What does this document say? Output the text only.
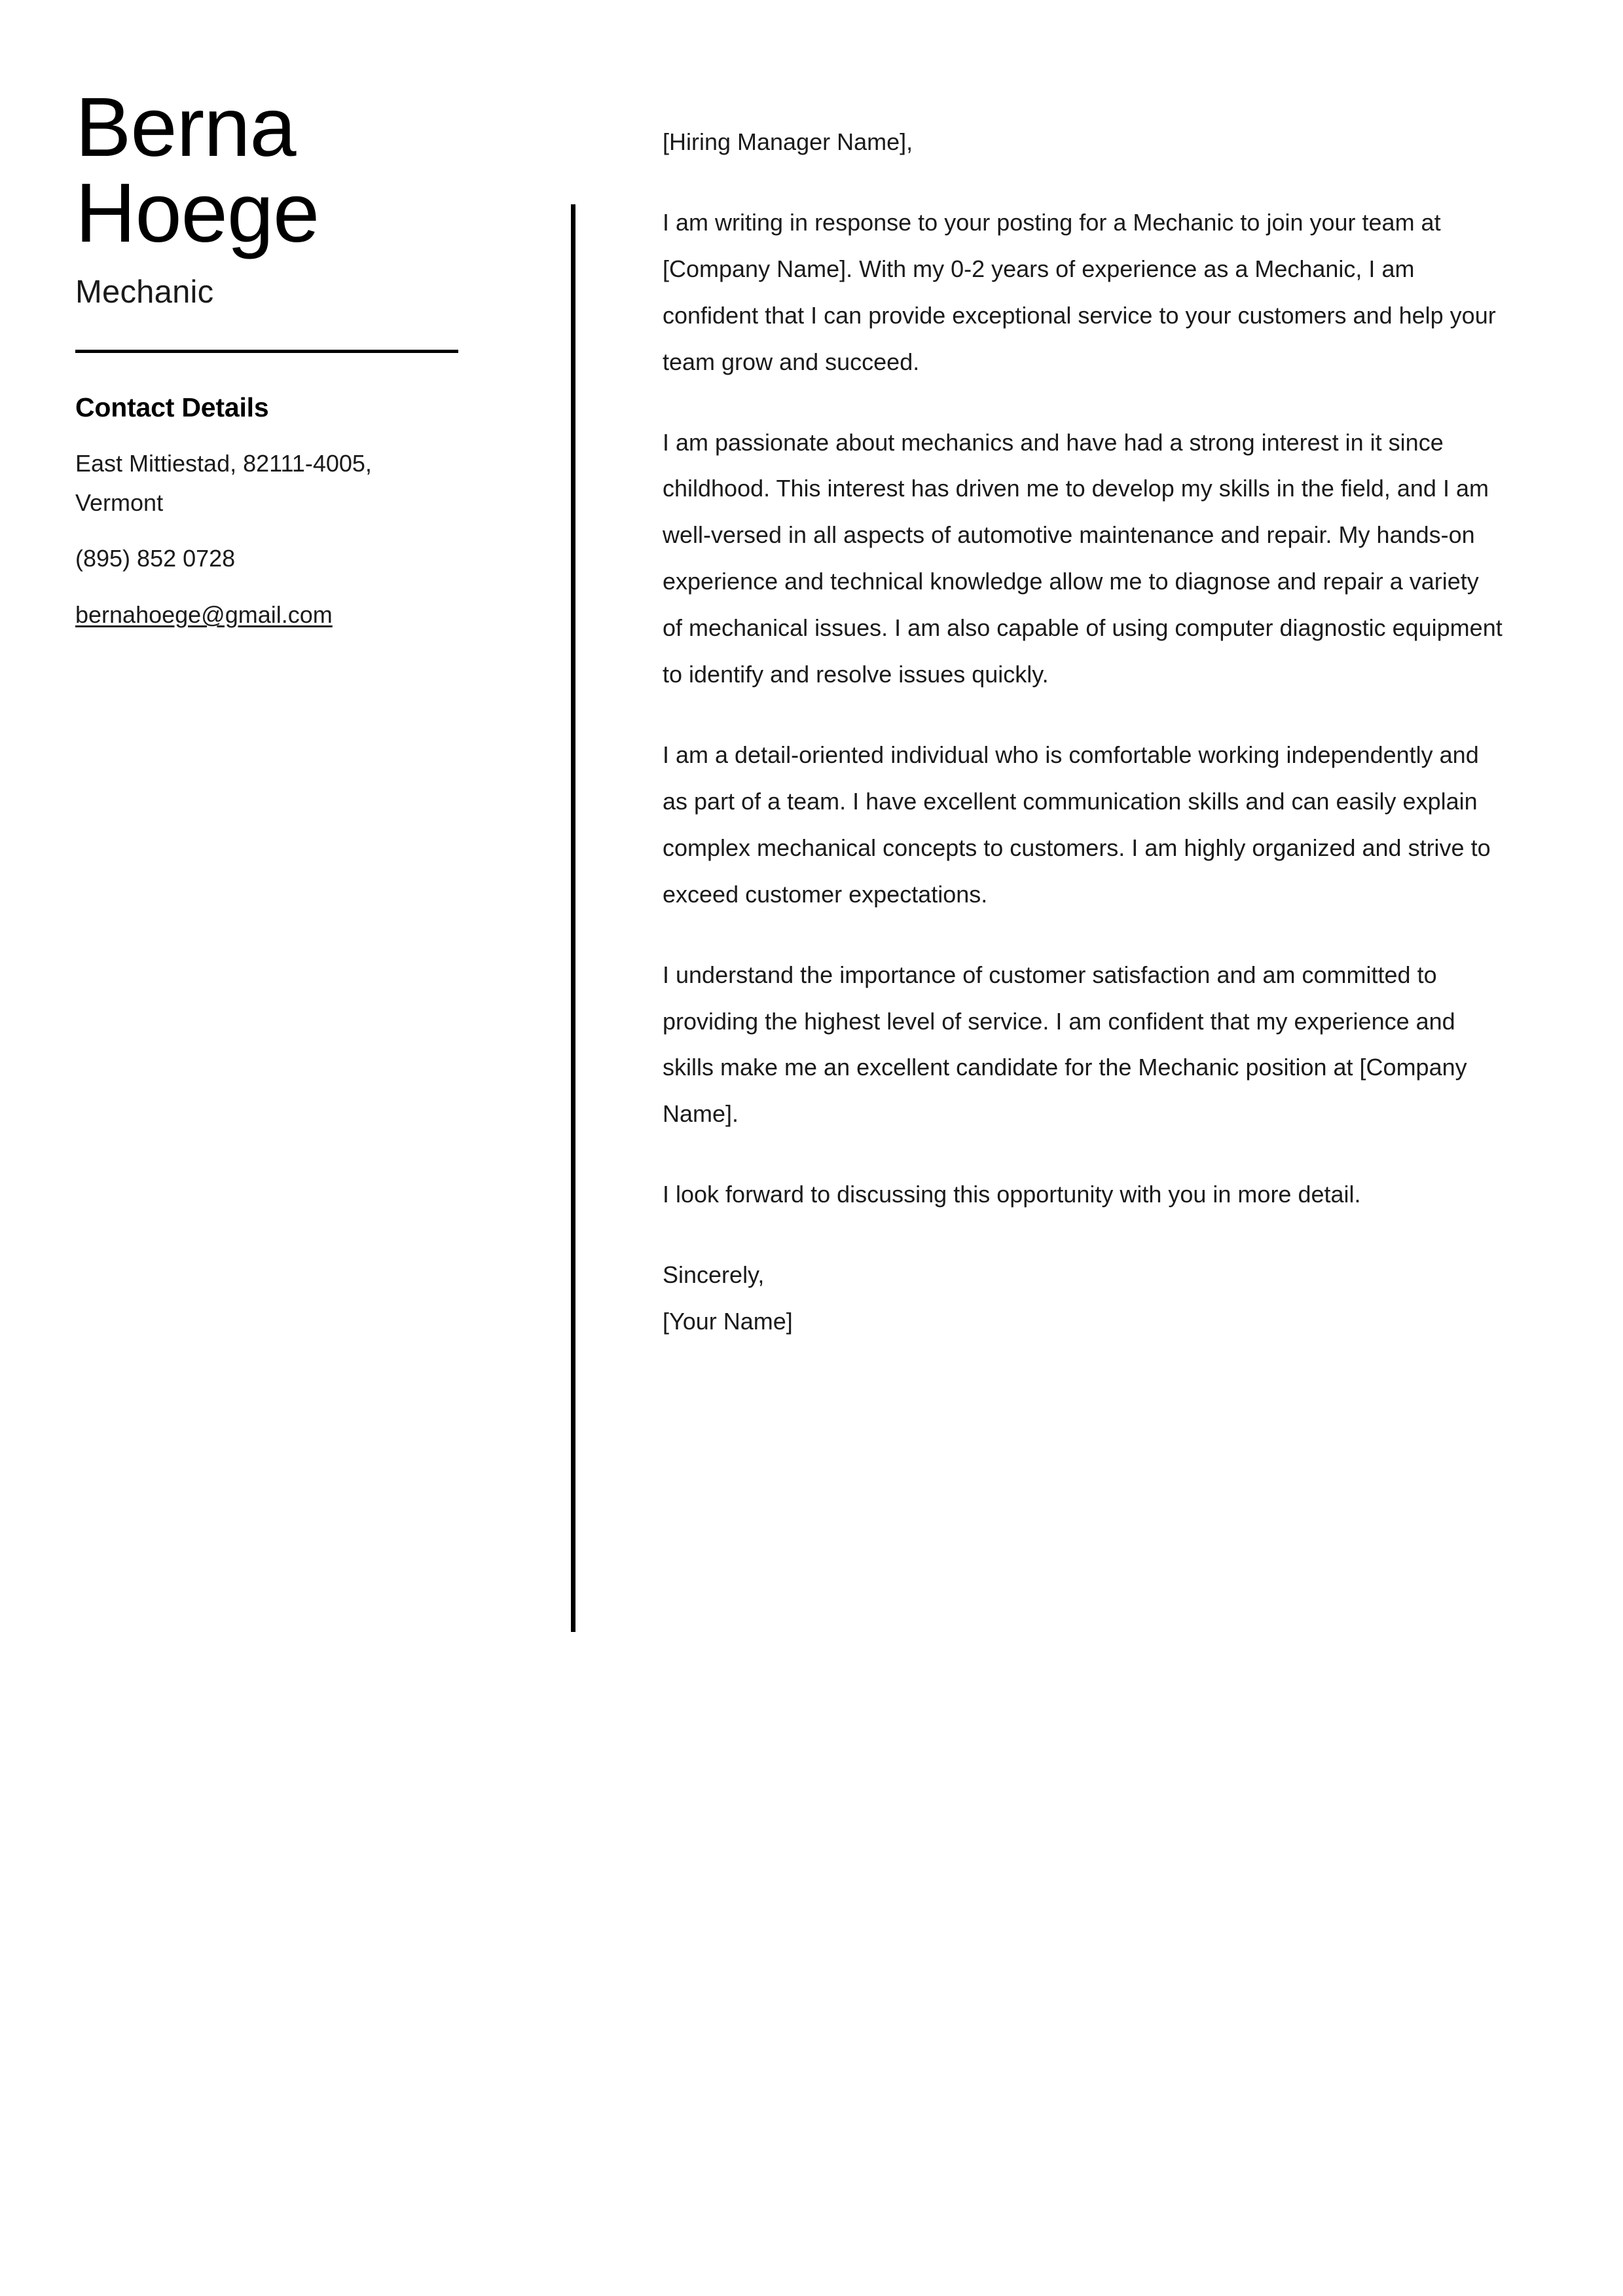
Berna
Hoege
Mechanic
Contact Details
East Mittiestad, 82111-4005, Vermont
(895) 852 0728
bernahoege@gmail.com

[Hiring Manager Name],

I am writing in response to your posting for a Mechanic to join your team at [Company Name]. With my 0-2 years of experience as a Mechanic, I am confident that I can provide exceptional service to your customers and help your team grow and succeed.

I am passionate about mechanics and have had a strong interest in it since childhood. This interest has driven me to develop my skills in the field, and I am well-versed in all aspects of automotive maintenance and repair. My hands-on experience and technical knowledge allow me to diagnose and repair a variety of mechanical issues. I am also capable of using computer diagnostic equipment to identify and resolve issues quickly.

I am a detail-oriented individual who is comfortable working independently and as part of a team. I have excellent communication skills and can easily explain complex mechanical concepts to customers. I am highly organized and strive to exceed customer expectations.

I understand the importance of customer satisfaction and am committed to providing the highest level of service. I am confident that my experience and skills make me an excellent candidate for the Mechanic position at [Company Name].

I look forward to discussing this opportunity with you in more detail.

Sincerely,

[Your Name]
